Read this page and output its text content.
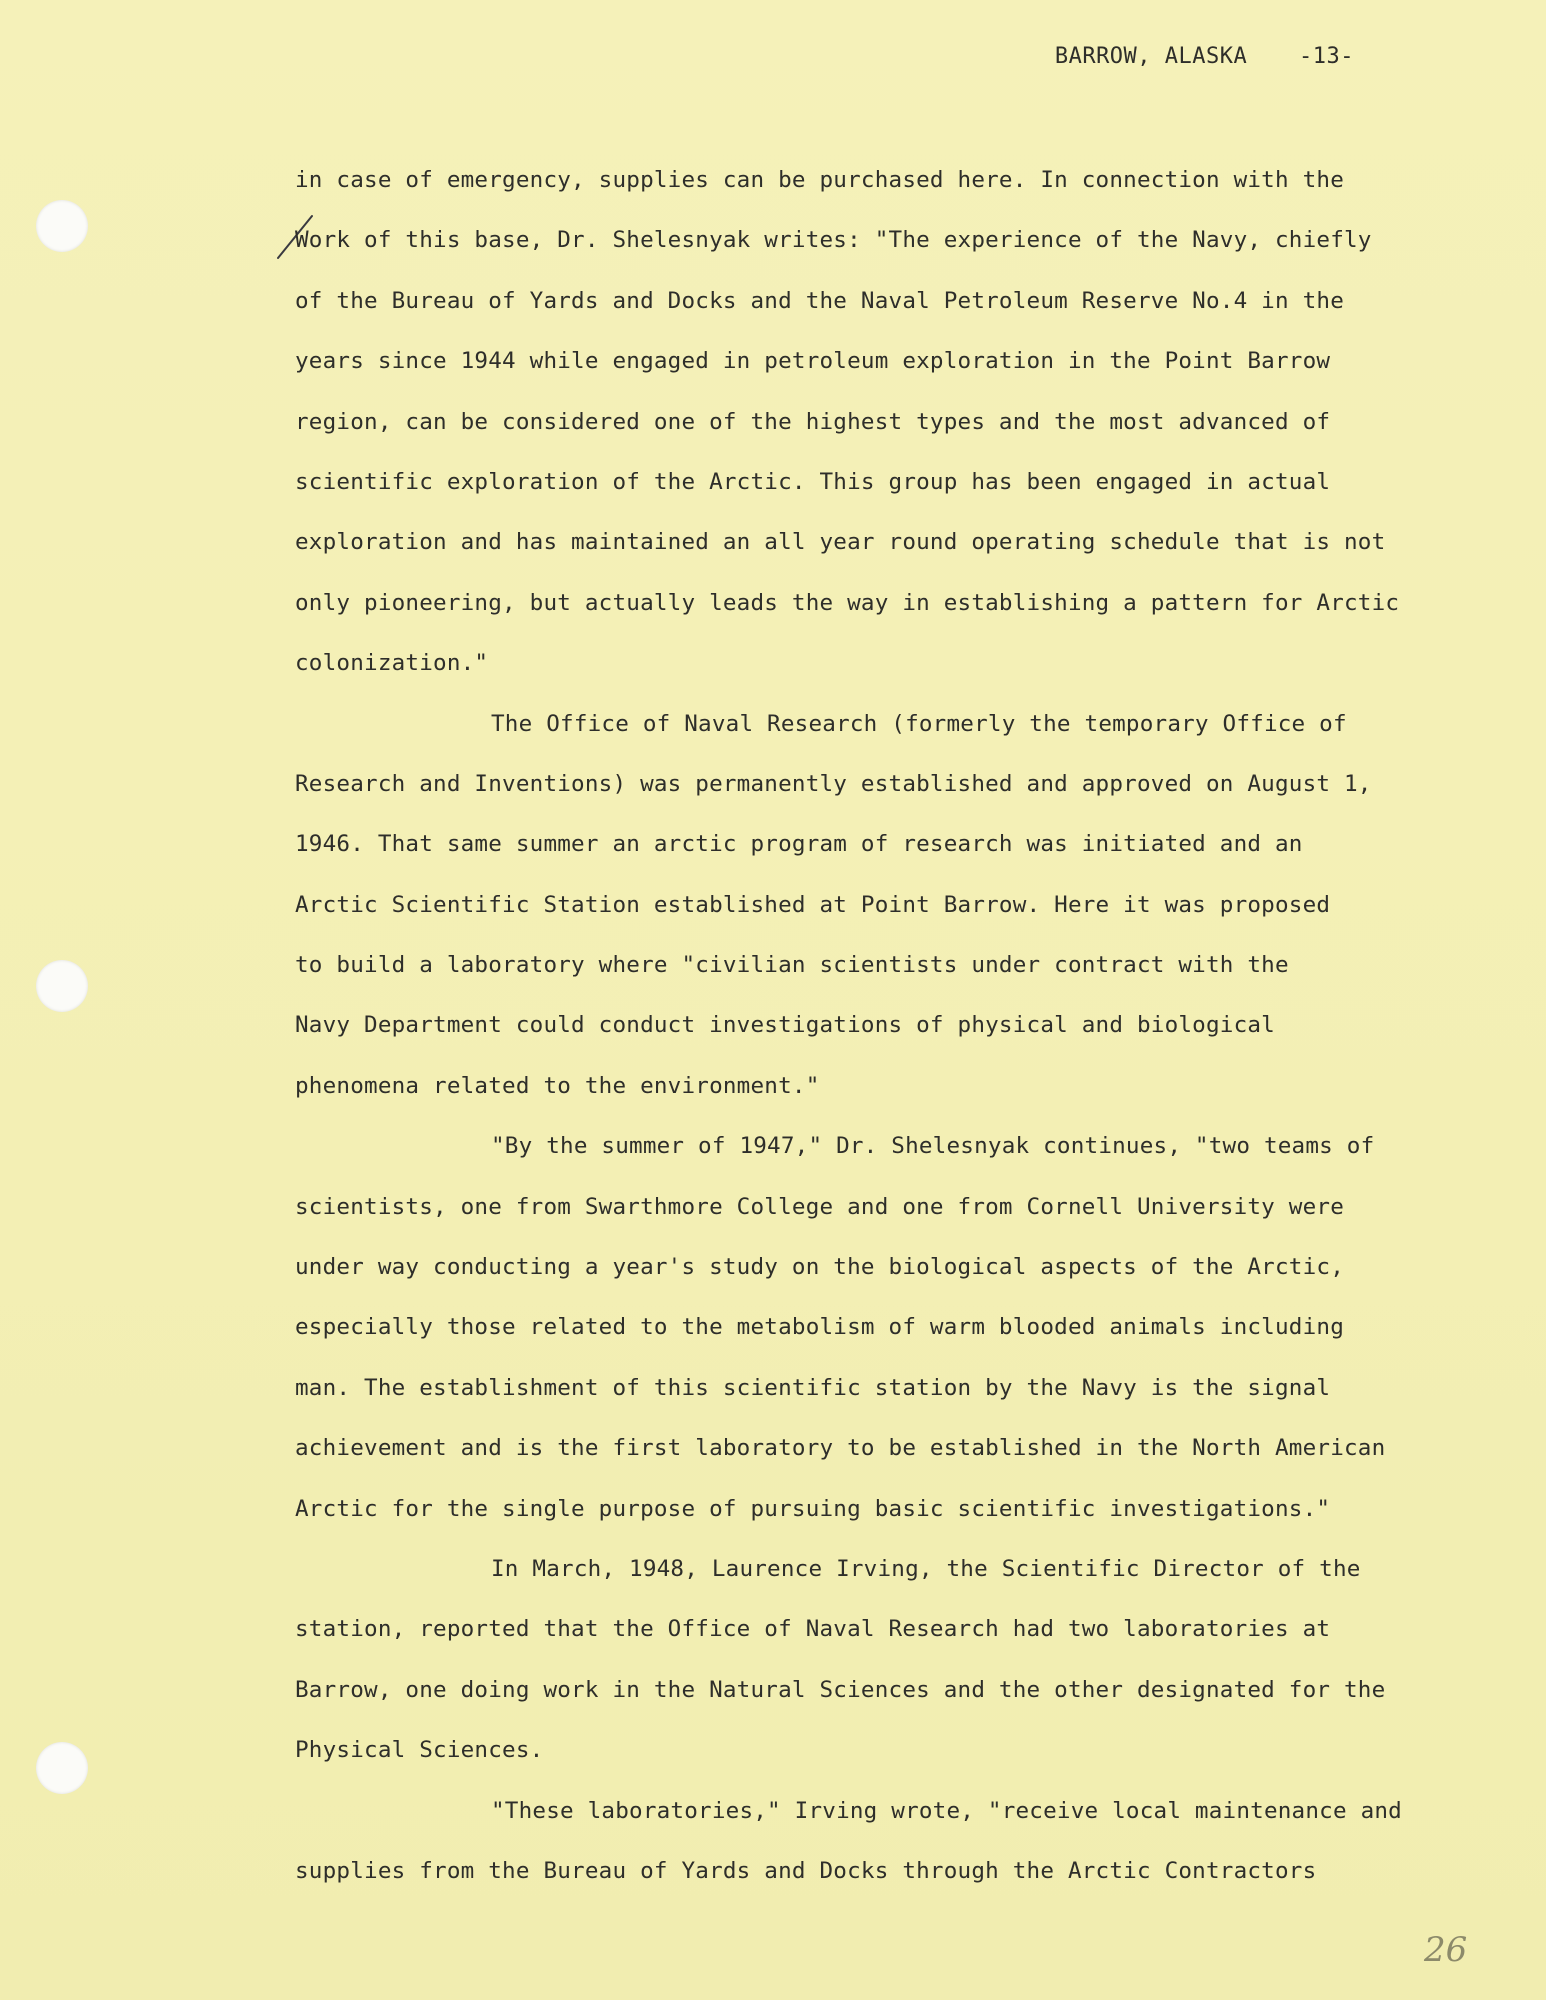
BARROW, ALASKA -13-
in case of emergency, supplies can be purchased here. In connection with the
Work of this base, Dr. Shelesnyak writes: "The experience of the Navy, chiefly
of the Bureau of Yards and Docks and the Naval Petroleum Reserve No.4 in the
years since 1944 while engaged in petroleum exploration in the Point Barrow
region, can be considered one of the highest types and the most advanced of
scientific exploration of the Arctic. This group has been engaged in actual
exploration and has maintained an all year round operating schedule that is not
only pioneering, but actually leads the way in establishing a pattern for Arctic
colonization."
The Office of Naval Research (formerly the temporary Office of
Research and Inventions) was permanently established and approved on August 1,
1946. That same summer an arctic program of research was initiated and an
Arctic Scientific Station established at Point Barrow. Here it was proposed
to build a laboratory where "civilian scientists under contract with the
Navy Department could conduct investigations of physical and biological
phenomena related to the environment."
"By the summer of 1947," Dr. Shelesnyak continues, "two teams of
scientists, one from Swarthmore College and one from Cornell University were
under way conducting a year's study on the biological aspects of the Arctic,
especially those related to the metabolism of warm blooded animals including
man. The establishment of this scientific station by the Navy is the signal
achievement and is the first laboratory to be established in the North American
Arctic for the single purpose of pursuing basic scientific investigations."
In March, 1948, Laurence Irving, the Scientific Director of the
station, reported that the Office of Naval Research had two laboratories at
Barrow, one doing work in the Natural Sciences and the other designated for the
Physical Sciences.
"These laboratories," Irving wrote, "receive local maintenance and
supplies from the Bureau of Yards and Docks through the Arctic Contractors
26
